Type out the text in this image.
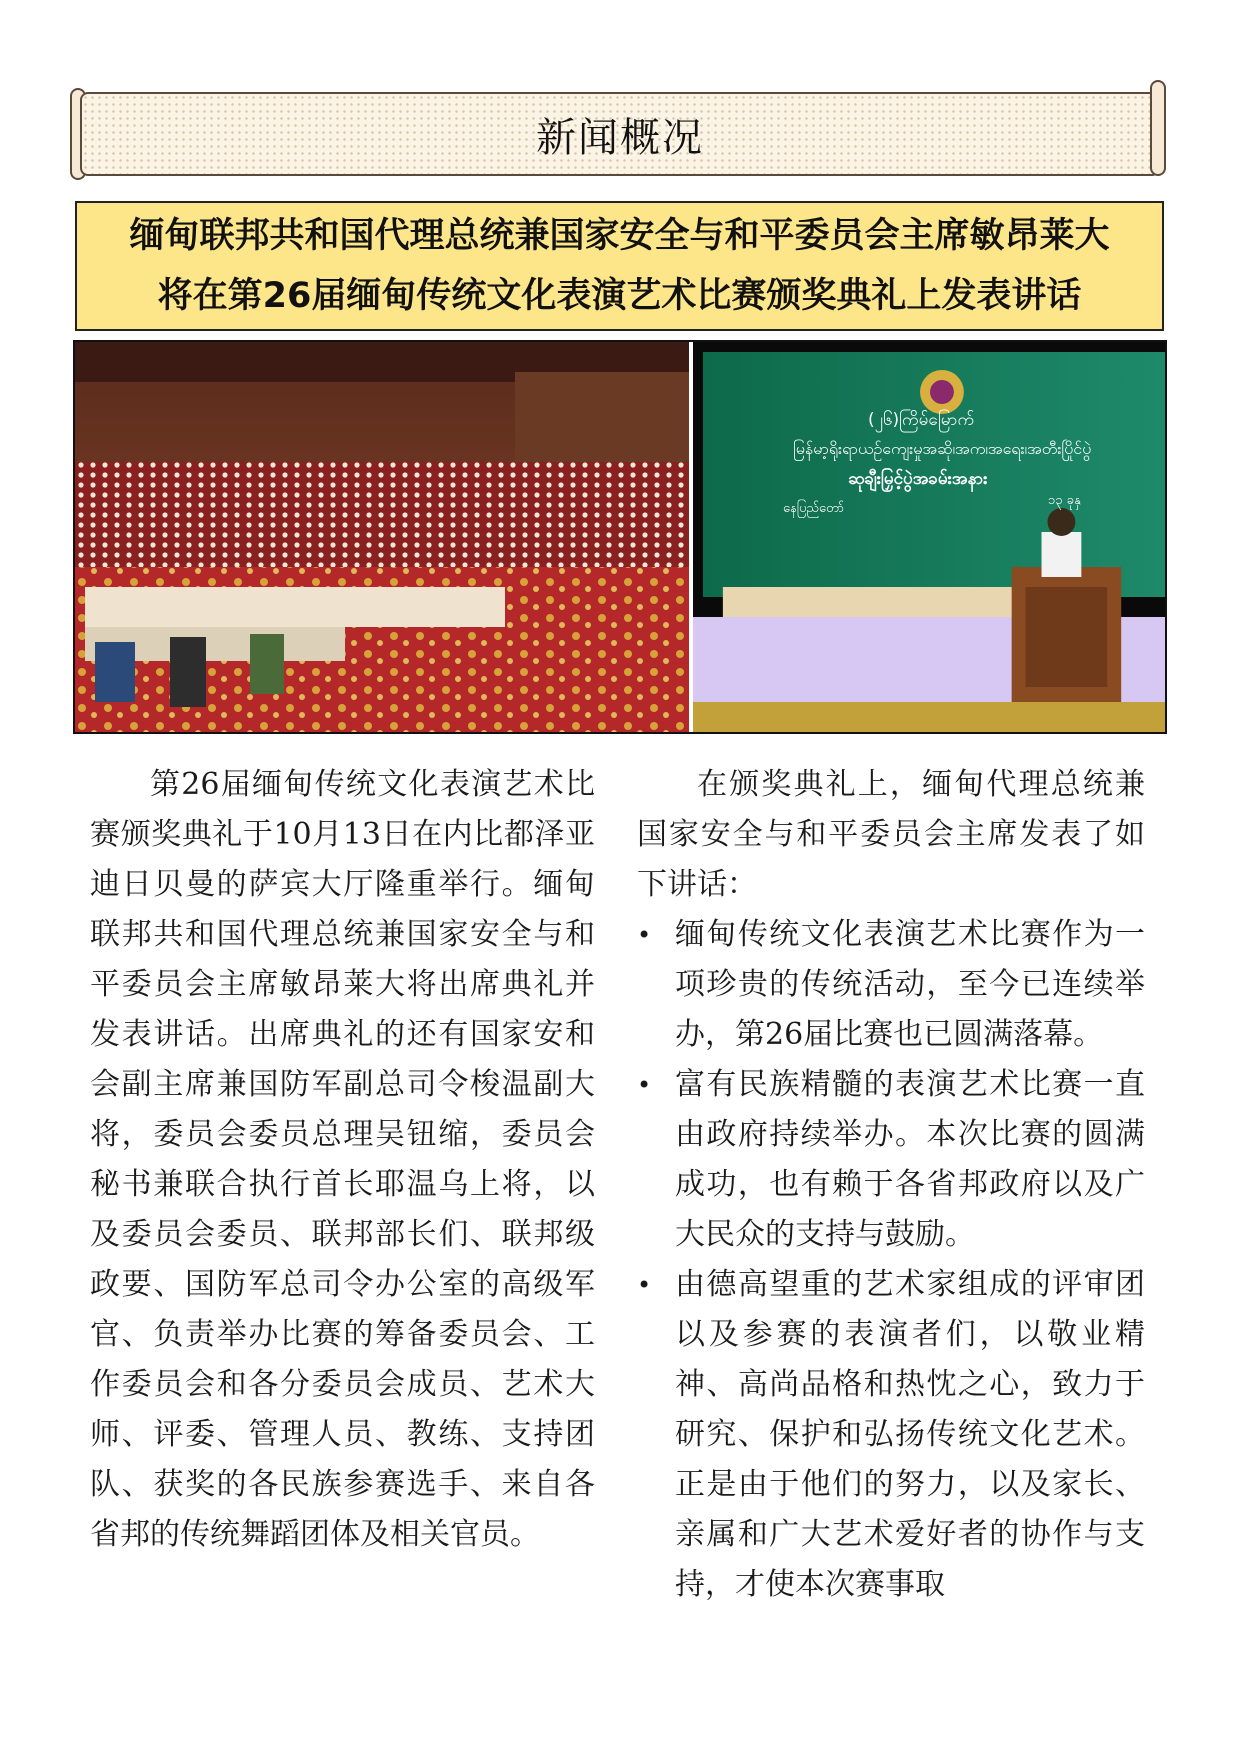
新闻概况
缅甸联邦共和国代理总统兼国家安全与和平委员会主席敏昂莱大
将在第26届缅甸传统文化表演艺术比赛颁奖典礼上发表讲话
(၂၆)ကြိမ်မြောက်
မြန်မာ့ရိုးရာယဉ်ကျေးမှုအဆို၊အက၊အရေး၊အတီးပြိုင်ပွဲ
ဆုချီးမြှင့်ပွဲအခမ်းအနား
နေပြည်တော်
၁၃ ခုနှ

第26届缅甸传统文化表演艺术比赛颁奖典礼于10月13日在内比都泽亚迪日贝曼的萨宾大厅隆重举行。缅甸联邦共和国代理总统兼国家安全与和平委员会主席敏昂莱大将出席典礼并发表讲话。出席典礼的还有国家安和会副主席兼国防军副总司令梭温副大将，委员会委员总理吴钮缩，委员会秘书兼联合执行首长耶温乌上将，以及委员会委员、联邦部长们、联邦级政要、国防军总司令办公室的高级军官、负责举办比赛的筹备委员会、工作委员会和各分委员会成员、艺术大师、评委、管理人员、教练、支持团队、获奖的各民族参赛选手、来自各省邦的传统舞蹈团体及相关官员。

在颁奖典礼上，缅甸代理总统兼国家安全与和平委员会主席发表了如下讲话：

• 缅甸传统文化表演艺术比赛作为一项珍贵的传统活动，至今已连续举办，第26届比赛也已圆满落幕。
• 富有民族精髓的表演艺术比赛一直由政府持续举办。本次比赛的圆满成功，也有赖于各省邦政府以及广大民众的支持与鼓励。
• 由德高望重的艺术家组成的评审团以及参赛的表演者们，以敬业精神、高尚品格和热忱之心，致力于研究、保护和弘扬传统文化艺术。正是由于他们的努力，以及家长、亲属和广大艺术爱好者的协作与支持，才使本次赛事取
